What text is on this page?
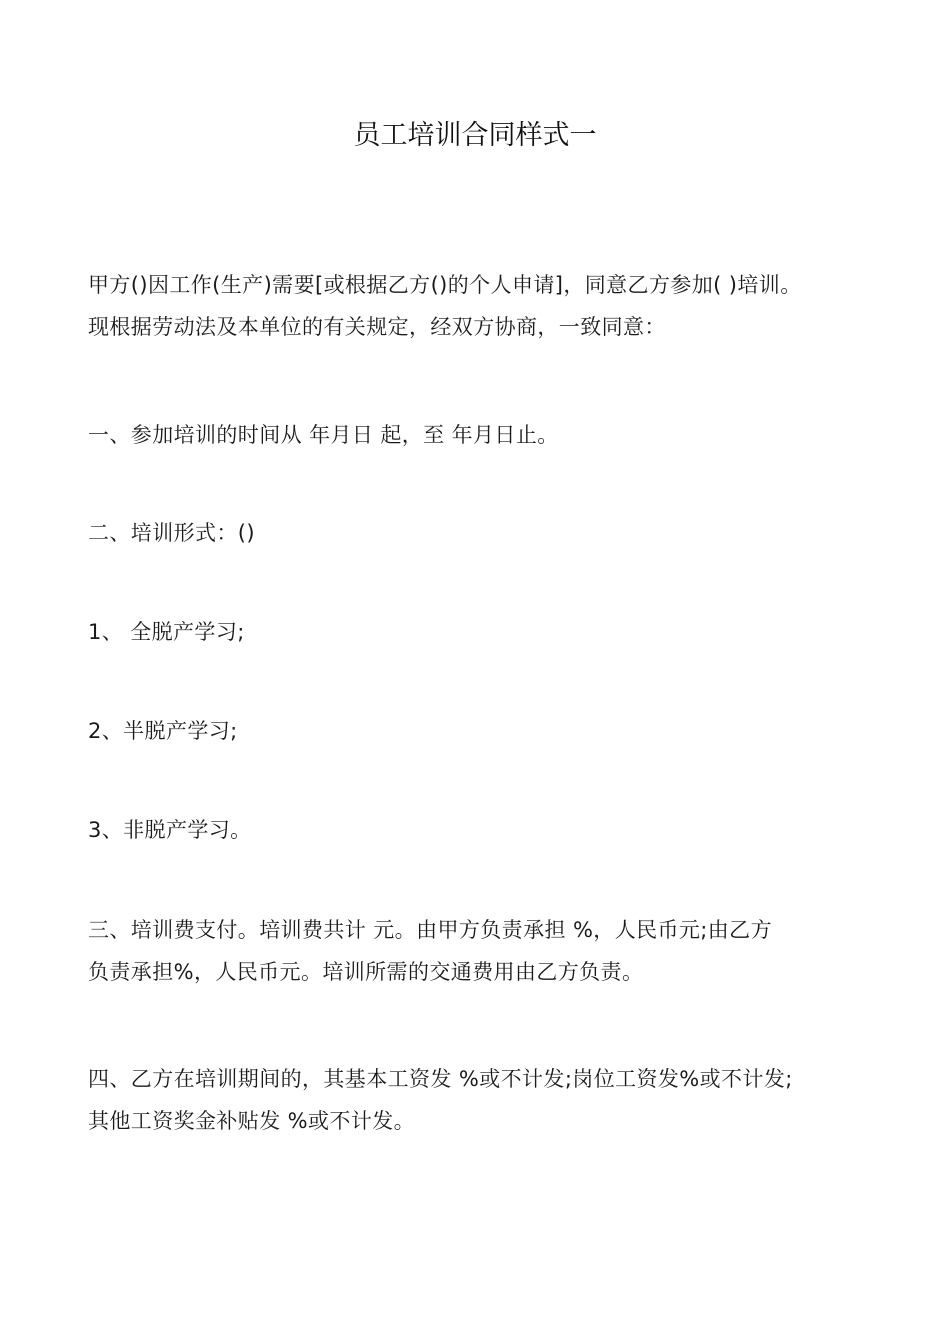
员工培训合同样式一
甲方()因工作(生产)需要[或根据乙方()的个人申请]，同意乙方参加( )培训。
现根据劳动法及本单位的有关规定，经双方协商，一致同意：
一、参加培训的时间从 年月日 起，至 年月日止。
二、培训形式：()
1、 全脱产学习;
2、半脱产学习;
3、非脱产学习。
三、培训费支付。培训费共计 元。由甲方负责承担 %，人民币元;由乙方
负责承担%，人民币元。培训所需的交通费用由乙方负责。
四、乙方在培训期间的，其基本工资发 %或不计发;岗位工资发%或不计发;
其他工资奖金补贴发 %或不计发。
